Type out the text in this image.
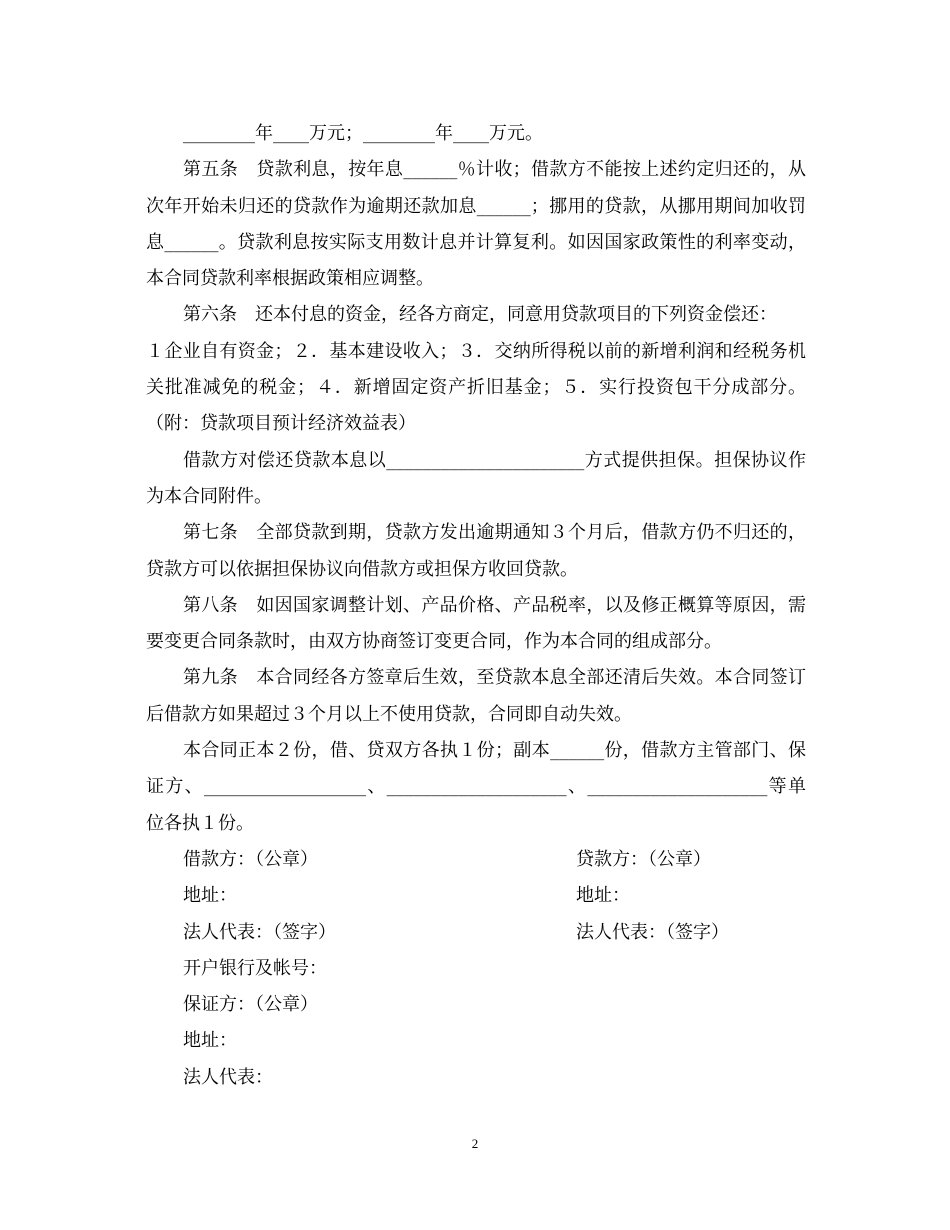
________年____万元；________年____万元。

第五条　贷款利息，按年息______％计收；借款方不能按上述约定归还的，从次年开始未归还的贷款作为逾期还款加息______；挪用的贷款，从挪用期间加收罚息______。贷款利息按实际支用数计息并计算复利。如因国家政策性的利率变动，本合同贷款利率根据政策相应调整。

第六条　还本付息的资金，经各方商定，同意用贷款项目的下列资金偿还：

１企业自有资金；２．基本建设收入；３．交纳所得税以前的新增利润和经税务机关批准减免的税金；４．新增固定资产折旧基金；５．实行投资包干分成部分。（附：贷款项目预计经济效益表）

借款方对偿还贷款本息以______________________方式提供担保。担保协议作为本合同附件。

第七条　全部贷款到期，贷款方发出逾期通知３个月后，借款方仍不归还的，贷款方可以依据担保协议向借款方或担保方收回贷款。

第八条　如因国家调整计划、产品价格、产品税率，以及修正概算等原因，需要变更合同条款时，由双方协商签订变更合同，作为本合同的组成部分。

第九条　本合同经各方签章后生效，至贷款本息全部还清后失效。本合同签订后借款方如果超过３个月以上不使用贷款，合同即自动失效。

本合同正本２份，借、贷双方各执１份；副本______份，借款方主管部门、保证方、__________________、____________________、____________________等单位各执１份。

借款方：（公章）	贷款方：（公章）
地址：	地址：
法人代表：（签字）	法人代表：（签字）
开户银行及帐号：
保证方：（公章）
地址：
法人代表：
2
